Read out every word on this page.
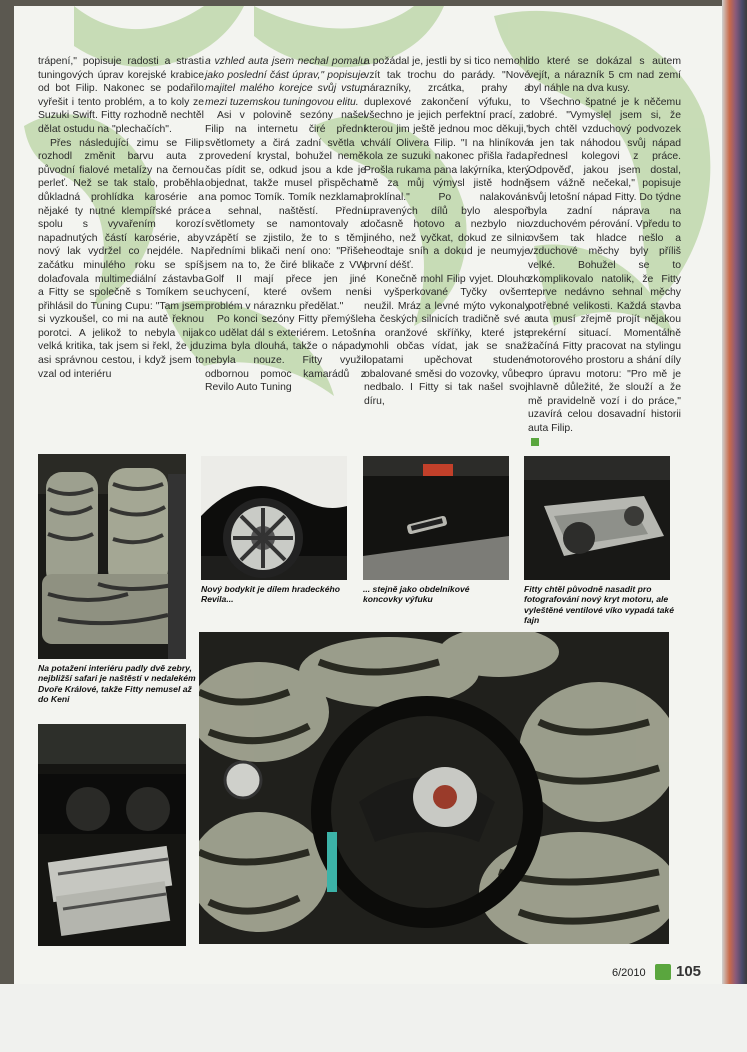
trápení," popisuje radosti a strasti tuningových úprav korejské krabice od bot Filip. Nakonec se podařilo vyřešit i tento problém, a to koly ze Suzuki Swift. Fitty rozhodně nechtěl dělat ostudu na "plechačích".

Přes následující zimu se Filip rozhodl změnit barvu auta z původní fialové metalízy na černou perleť. Než se tak stalo, proběhla důkladná prohlídka karosérie a nějaké ty nutné klempířské práce spolu s vyvařením korozí napadnutých částí karosérie, aby nový lak vydržel co nejdéle. Na začátku minulého roku se spíš dolaďovala multimediální zástavba a Fitty se společně s Tomíkem se přihlásil do Tuning Cupu: "Tam jsem si vyzkoušel, co mi na autě řeknou porotci. A jelikož to nebyla nijak velká kritika, tak jsem si řekl, že jdu asi správnou cestou, i když jsem to vzal od interiéru

a vzhled auta jsem nechal pomalu jako poslední část úprav," popisuje majitel malého korejce svůj vstup mezi tuzemskou tuningovou elitu.

Asi v polovině sezóny našel Filip na internetu čiré přední světlomety a čirá zadní světla v provedení krystal, bohužel neměl čas pídit se, odkud jsou a kde je objednat, takže musel přispěchat na pomoc Tomík. Tomík nezklamal a sehnal, naštěstí. Přední světlomety se namontovaly a vzápětí se zjistilo, že to s těmi předními blikači není ono: "Přišel jsem na to, že čiré blikače z VW Golf II mají přece jen jiné uchycení, které ovšem není problém v náraznku předělat."

Po konci sezóny Fitty přemýšlel co udělat dál s exteriérem. Letošní zima byla dlouhá, takže o nápady nebyla nouze. Fitty využil odbornou pomoc kamarádů z Revilo Auto Tuning

a požádal je, jestli by si tico nemohli vzít tak trochu do parády. "Nové nárazníky, zrcátka, prahy a duplexové zakončení výfuku, to všechno je jejich perfektní prací, za kterou jim ještě jednou moc děkuji," chválí Olivera Filip. "I na hliníková kola ze suzuki nakonec přišla řada. Prošla rukama pana lakýrníka, který mě za můj výmysl jistě hodně proklínal." Po nalakování upravených dílů bylo alespoň dočasně hotovo a nezbylo nic jiného, než vyčkat, dokud ze silnic neodtaje sníh a dokud je neumyje první déšť.

Konečně mohl Filip vyjet. Dlouho si vyšperkované Tyčky ovšem neužil. Mráz a levné mýto vykonaly na českých silnicích tradičně své a na oranžové skříňky, které jste mohli občas vídat, jak se snaží lopatami upěchovat studené obalované směsi do vozovky, vůbec nedbalo. I Fitty si tak našel svoji díru,

do které se dokázal s autem vejít, a nárazník 5 cm nad zemí byl náhle na dva kusy.

Všechno špatné je k něčemu dobré. "Vymyslel jsem si, že bych chtěl vzduchový podvozek a jen tak náhodou svůj nápad přednesl kolegovi z práce. Odpověď, jakou jsem dostal, jsem vážně nečekal," popisuje svůj letošní nápad Fitty. Do týdne byla zadní náprava na vzduchovém pérování. Vpředu to ovšem tak hladce nešlo a vzduchové měchy byly příliš velké. Bohužel se to zkomplikovalo natolik, že Fitty teprve nedávno sehnal měchy potřebné velikosti. Každá stavba auta musí zřejmě projít nějakou prekérní situací. Momentálně začíná Fitty pracovat na stylingu motorového prostoru a shání díly pro úpravu motoru: "Pro mě je hlavně důležité, že slouží a že mě pravidelně vozí i do práce," uzavírá celou dosavadní historii auta Filip.

Na potažení interiéru padly dvě zebry, nejbližší safari je naštěstí v nedalekém Dvoře Králové, takže Fitty nemusel až do Keni
Nový bodykit je dílem hradeckého Revila...
... stejně jako obdelníkové koncovky výfuku
Fitty chtěl původně nasadit pro fotografování nový kryt motoru, ale vyleštěné ventilové víko vypadá také fajn
6/2010 105
